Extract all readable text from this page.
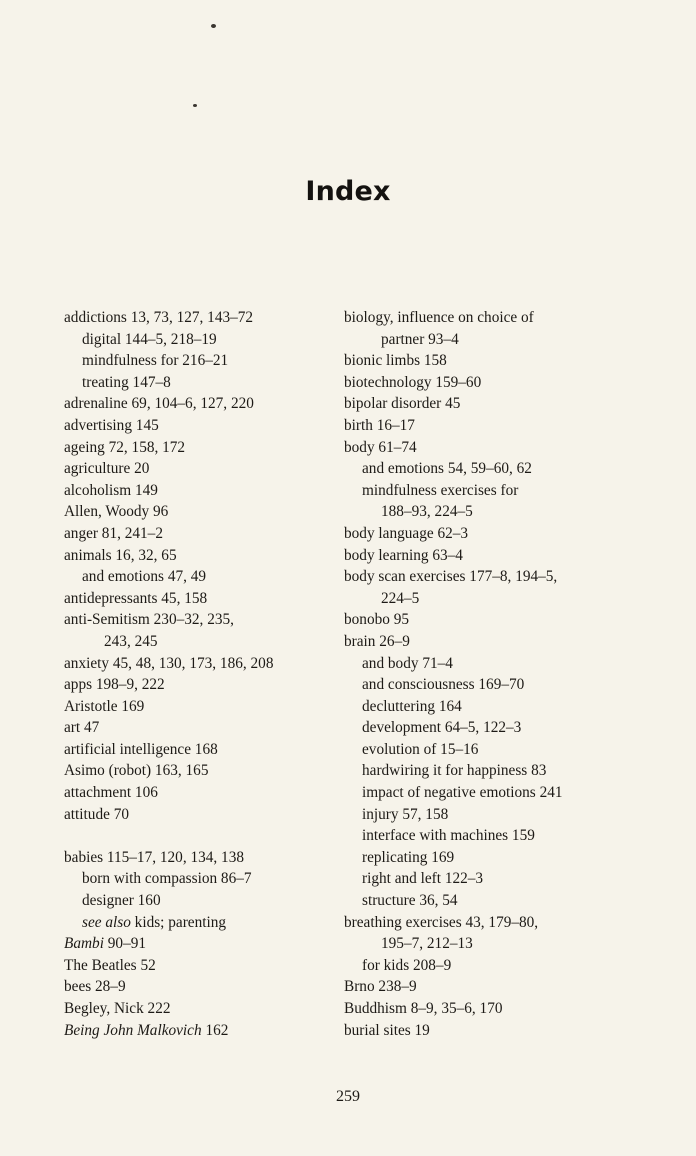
Index
addictions 13, 73, 127, 143–72
digital 144–5, 218–19
mindfulness for 216–21
treating 147–8
adrenaline 69, 104–6, 127, 220
advertising 145
ageing 72, 158, 172
agriculture 20
alcoholism 149
Allen, Woody 96
anger 81, 241–2
animals 16, 32, 65
and emotions 47, 49
antidepressants 45, 158
anti-Semitism 230–32, 235,
243, 245
anxiety 45, 48, 130, 173, 186, 208
apps 198–9, 222
Aristotle 169
art 47
artificial intelligence 168
Asimo (robot) 163, 165
attachment 106
attitude 70
babies 115–17, 120, 134, 138
born with compassion 86–7
designer 160
see also kids; parenting
Bambi 90–91
The Beatles 52
bees 28–9
Begley, Nick 222
Being John Malkovich 162
biology, influence on choice of
partner 93–4
bionic limbs 158
biotechnology 159–60
bipolar disorder 45
birth 16–17
body 61–74
and emotions 54, 59–60, 62
mindfulness exercises for
188–93, 224–5
body language 62–3
body learning 63–4
body scan exercises 177–8, 194–5,
224–5
bonobo 95
brain 26–9
and body 71–4
and consciousness 169–70
decluttering 164
development 64–5, 122–3
evolution of 15–16
hardwiring it for happiness 83
impact of negative emotions 241
injury 57, 158
interface with machines 159
replicating 169
right and left 122–3
structure 36, 54
breathing exercises 43, 179–80,
195–7, 212–13
for kids 208–9
Brno 238–9
Buddhism 8–9, 35–6, 170
burial sites 19
259
